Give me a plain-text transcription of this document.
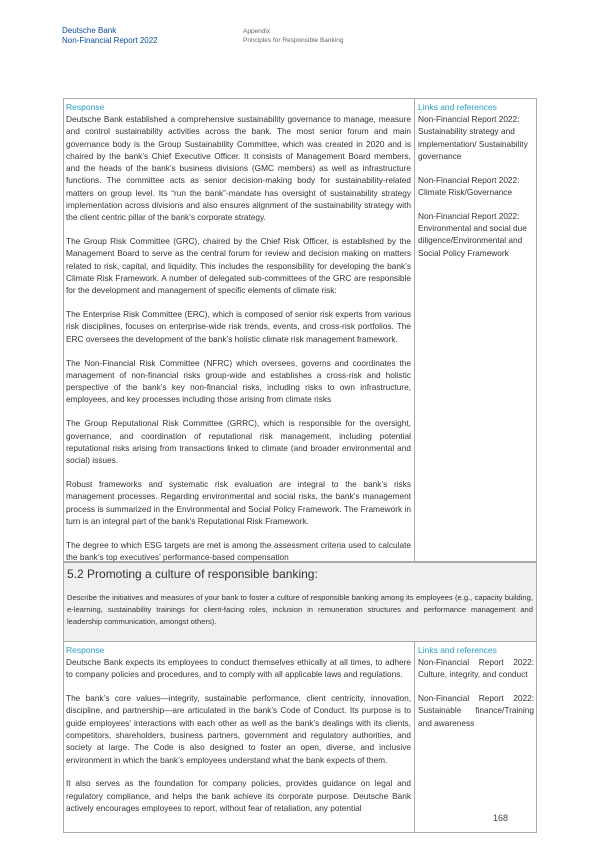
Deutsche Bank
Non-Financial Report 2022
Appendix
Principles for Responsible Banking
Response

Deutsche Bank established a comprehensive sustainability governance to manage, measure and control sustainability activities across the bank. The most senior forum and main governance body is the Group Sustainability Committee, which was created in 2020 and is chaired by the bank’s Chief Executive Officer. It consists of Management Board members, and the heads of the bank’s business divisions (GMC members) as well as infrastructure functions. The committee acts as senior decision-making body for sustainability-related matters on group level. Its “run the bank”-mandate has oversight of sustainability strategy implementation across divisions and also ensures alignment of the sustainability strategy with the client centric pillar of the bank’s corporate strategy.

The Group Risk Committee (GRC), chaired by the Chief Risk Officer, is established by the Management Board to serve as the central forum for review and decision making on matters related to risk, capital, and liquidity. This includes the responsibility for developing the bank’s Climate Risk Framework. A number of delegated sub-committees of the GRC are responsible for the development and management of specific elements of climate risk:

The Enterprise Risk Committee (ERC), which is composed of senior risk experts from various risk disciplines, focuses on enterprise-wide risk trends, events, and cross-risk portfolios. The ERC oversees the development of the bank’s holistic climate risk management framework.

The Non-Financial Risk Committee (NFRC) which oversees, governs and coordinates the management of non-financial risks group-wide and establishes a cross-risk and holistic perspective of the bank’s key non-financial risks, including risks to own infrastructure, employees, and key processes including those arising from climate risks

The Group Reputational Risk Committee (GRRC), which is responsible for the oversight, governance, and coordination of reputational risk management, including potential reputational risks arising from transactions linked to climate (and broader environmental and social) issues.

Robust frameworks and systematic risk evaluation are integral to the bank’s risks management processes. Regarding environmental and social risks, the bank’s management process is summarized in the Environmental and Social Policy Framework. The Framework in turn is an integral part of the bank’s Reputational Risk Framework.

The degree to which ESG targets are met is among the assessment criteria used to calculate the bank’s top executives’ performance-based compensation

Links and references

Non-Financial Report 2022: Sustainability strategy and implementation/ Sustainability governance

Non-Financial Report 2022: Climate Risk/Governance

Non-Financial Report 2022: Environmental and social due diligence/Environmental and Social Policy Framework

5.2 Promoting a culture of responsible banking:

Describe the initiatives and measures of your bank to foster a culture of responsible banking among its employees (e.g., capacity building, e-learning, sustainability trainings for client-facing roles, inclusion in remuneration structures and performance management and leadership communication, amongst others).

Response

Deutsche Bank expects its employees to conduct themselves ethically at all times, to adhere to company policies and procedures, and to comply with all applicable laws and regulations.

The bank’s core values—integrity, sustainable performance, client centricity, innovation, discipline, and partnership—are articulated in the bank’s Code of Conduct. Its purpose is to guide employees’ interactions with each other as well as the bank’s dealings with its clients, competitors, shareholders, business partners, government and regulatory authorities, and society at large. The Code is also designed to foster an open, diverse, and inclusive environment in which the bank’s employees understand what the bank expects of them.

It also serves as the foundation for company policies, provides guidance on legal and regulatory compliance, and helps the bank achieve its corporate purpose. Deutsche Bank actively encourages employees to report, without fear of retaliation, any potential

Links and references

Non-Financial Report 2022: Culture, integrity, and conduct

Non-Financial Report 2022: Sustainable finance/Training and awareness

168
